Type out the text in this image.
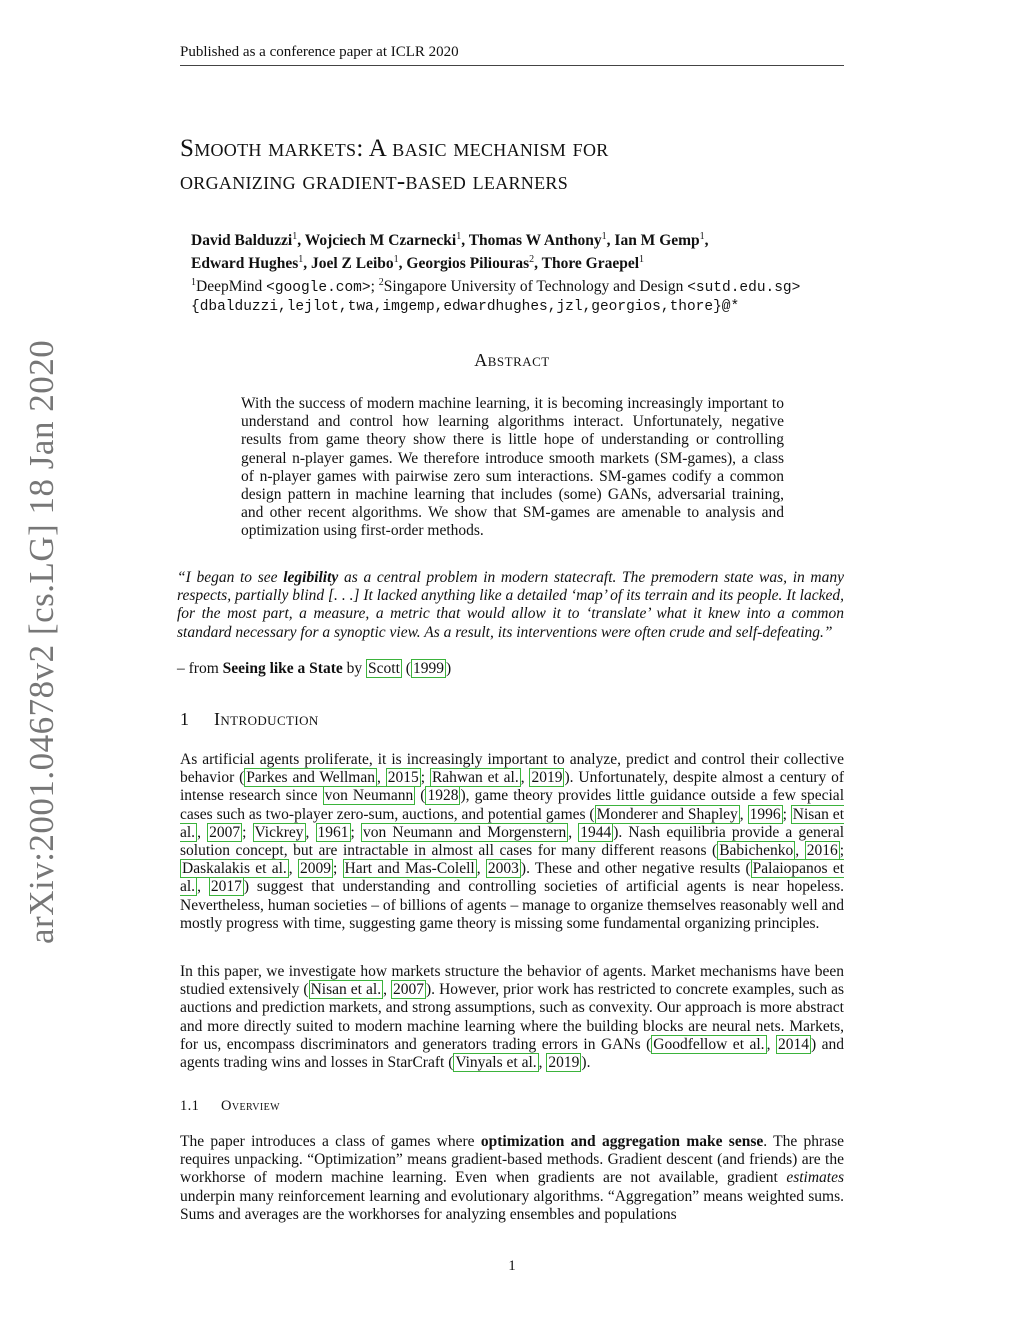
Published as a conference paper at ICLR 2020
Smooth markets: A basic mechanism for
organizing gradient-based learners
David Balduzzi$^1$, Wojciech M Czarnecki$^1$, Thomas W Anthony$^1$, Ian M Gemp$^1$,
Edward Hughes$^1$, Joel Z Leibo$^1$, Georgios Piliouras$^2$, Thore Graepel$^1$
$^1$DeepMind <google.com>; $^2$Singapore University of Technology and Design <sutd.edu.sg>
{dbalduzzi,lejlot,twa,imgemp,edwardhughes,jzl,georgios,thore}@*
arXiv:2001.04678v2 [cs.LG] 18 Jan 2020	Abstract
With the success of modern machine learning, it is becoming increasingly important to understand and control how learning algorithms interact. Unfortunately, negative results from game theory show there is little hope of understanding or controlling general n-player games. We therefore introduce smooth markets (SM-games), a class of n-player games with pairwise zero sum interactions. SM-games codify a common design pattern in machine learning that includes (some) GANs, adversarial training, and other recent algorithms. We show that SM-games are amenable to analysis and optimization using first-order methods.
“I began to see legibility as a central problem in modern statecraft. The premodern state was, in many respects, partially blind [. . .] It lacked anything like a detailed ‘map’ of its terrain and its people. It lacked, for the most part, a measure, a metric that would allow it to ‘translate’ what it knew into a common standard necessary for a synoptic view. As a result, its interventions were often crude and self-defeating.”
– from Seeing like a State by Scott ( 1999 )
1 Introduction
As artificial agents proliferate, it is increasingly important to analyze, predict and control their collective behavior ( Parkes and Wellman , 2015 ; Rahwan et al. , 2019 ). Unfortunately, despite almost a century of intense research since von Neumann ( 1928 ), game theory provides little guidance outside a few special cases such as two-player zero-sum, auctions, and potential games ( Monderer and Shapley , 1996 ; Nisan et al. , 2007 ; Vickrey , 1961 ; von Neumann and Morgenstern , 1944 ). Nash equilibria provide a general solution concept, but are intractable in almost all cases for many different reasons ( Babichenko , 2016 ; Daskalakis et al. , 2009 ; Hart and Mas-Colell , 2003 ). These and other negative results ( Palaiopanos et al. , 2017 ) suggest that understanding and controlling societies of artificial agents is near hopeless. Nevertheless, human societies – of billions of agents – manage to organize themselves reasonably well and mostly progress with time, suggesting game theory is missing some fundamental organizing principles.
In this paper, we investigate how markets structure the behavior of agents. Market mechanisms have been studied extensively ( Nisan et al. , 2007 ). However, prior work has restricted to concrete examples, such as auctions and prediction markets, and strong assumptions, such as convexity. Our approach is more abstract and more directly suited to modern machine learning where the building blocks are neural nets. Markets, for us, encompass discriminators and generators trading errors in GANs ( Goodfellow et al. , 2014 ) and agents trading wins and losses in StarCraft ( Vinyals et al. , 2019 ).
1.1 Overview
The paper introduces a class of games where optimization and aggregation make sense. The phrase requires unpacking. “Optimization” means gradient-based methods. Gradient descent (and friends) are the workhorse of modern machine learning. Even when gradients are not available, gradient estimates underpin many reinforcement learning and evolutionary algorithms. “Aggregation” means weighted sums. Sums and averages are the workhorses for analyzing ensembles and populations
1
